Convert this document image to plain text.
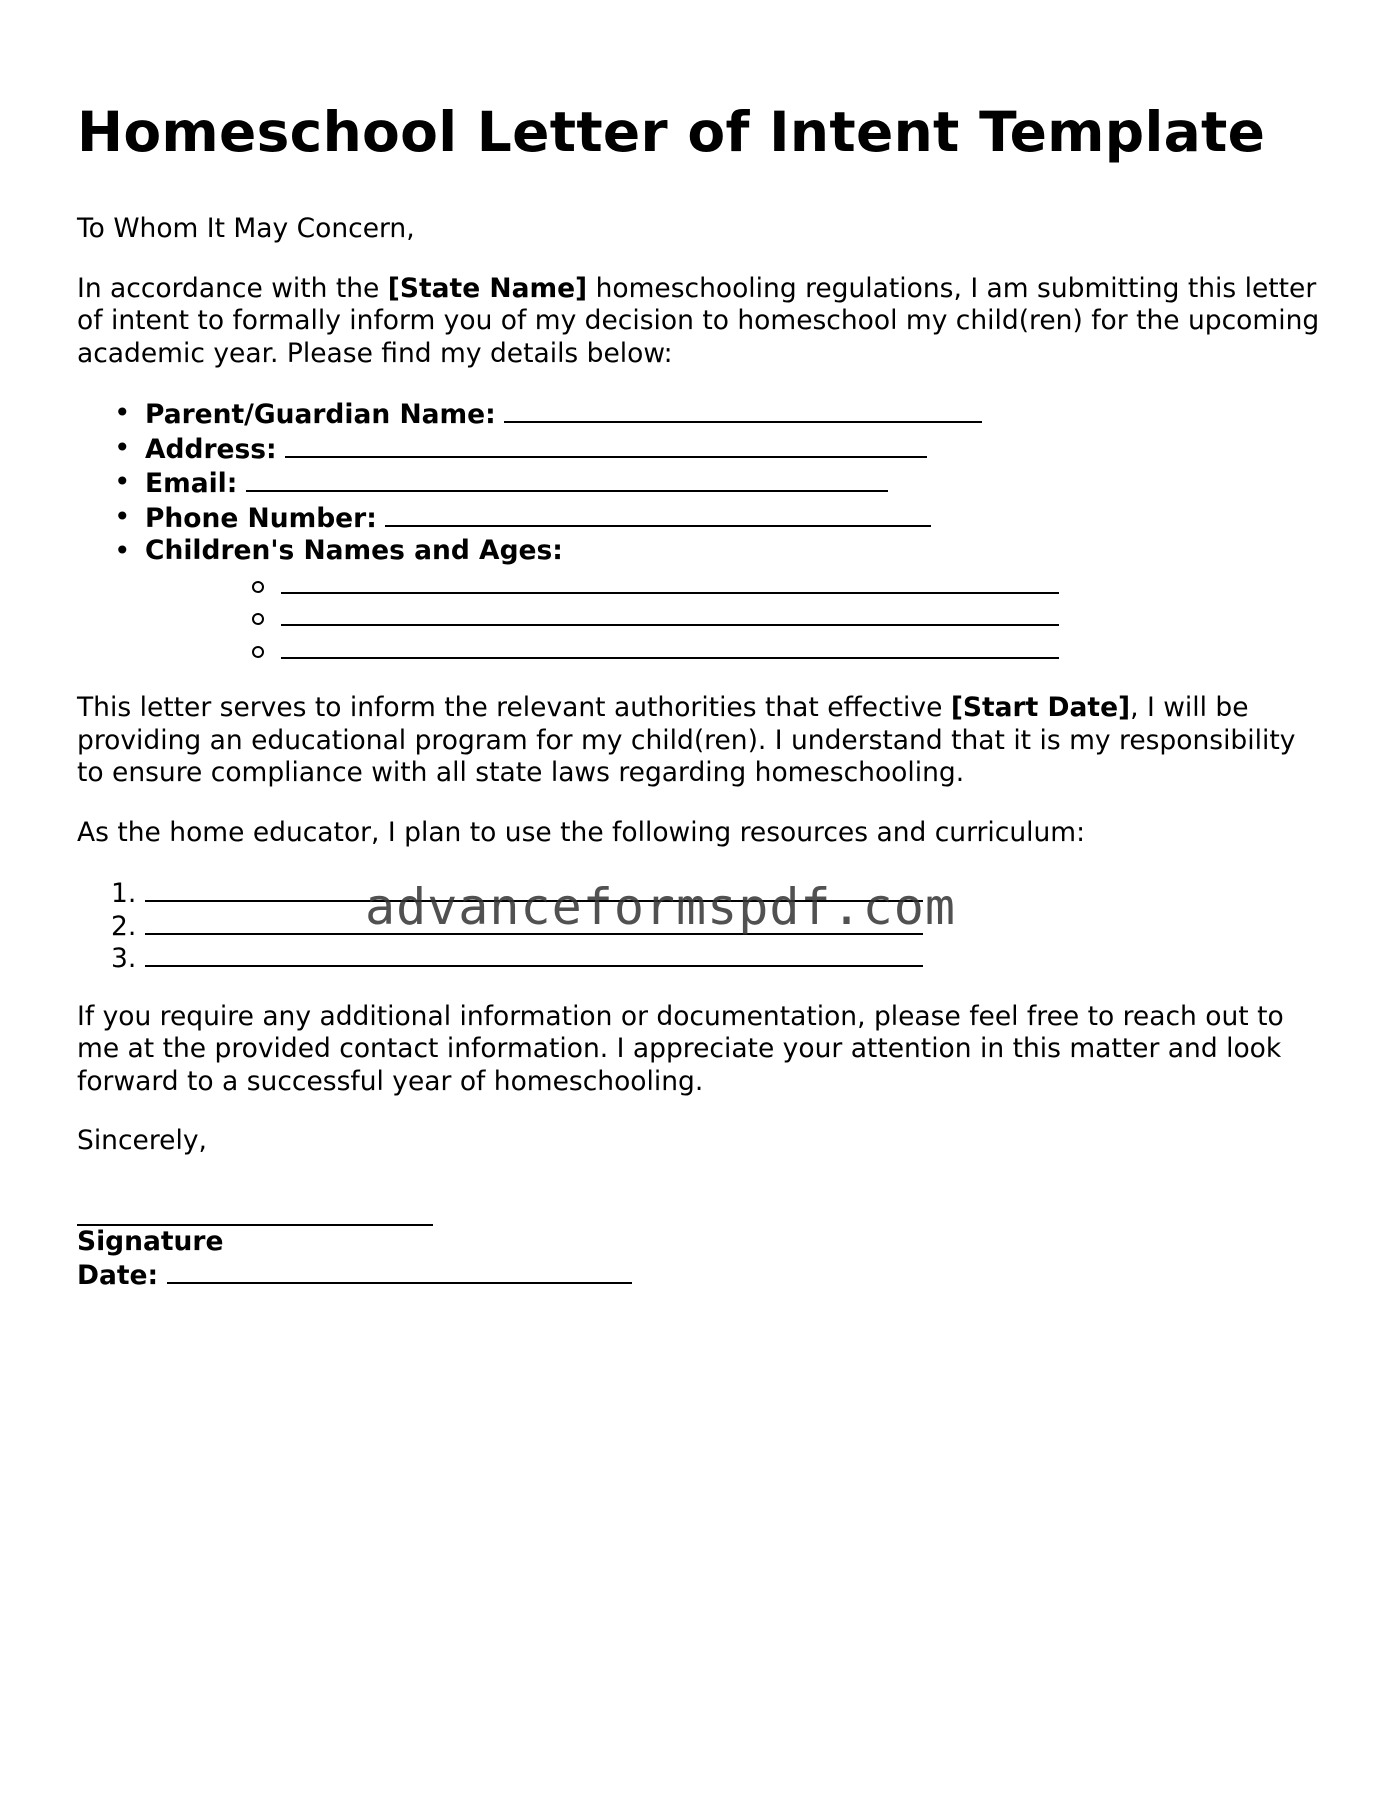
Homeschool Letter of Intent Template

To Whom It May Concern,

In accordance with the [State Name] homeschooling regulations, I am submitting this letter of intent to formally inform you of my decision to homeschool my child(ren) for the upcoming academic year. Please find my details below:

• Parent/Guardian Name:
• Address:
• Email:
• Phone Number:
• Children's Names and Ages:

This letter serves to inform the relevant authorities that effective [Start Date], I will be providing an educational program for my child(ren). I understand that it is my responsibility to ensure compliance with all state laws regarding homeschooling.

As the home educator, I plan to use the following resources and curriculum:

1.
2.
3.

If you require any additional information or documentation, please feel free to reach out to me at the provided contact information. I appreciate your attention in this matter and look forward to a successful year of homeschooling.

Sincerely,

Signature
Date:
advanceformspdf.com
